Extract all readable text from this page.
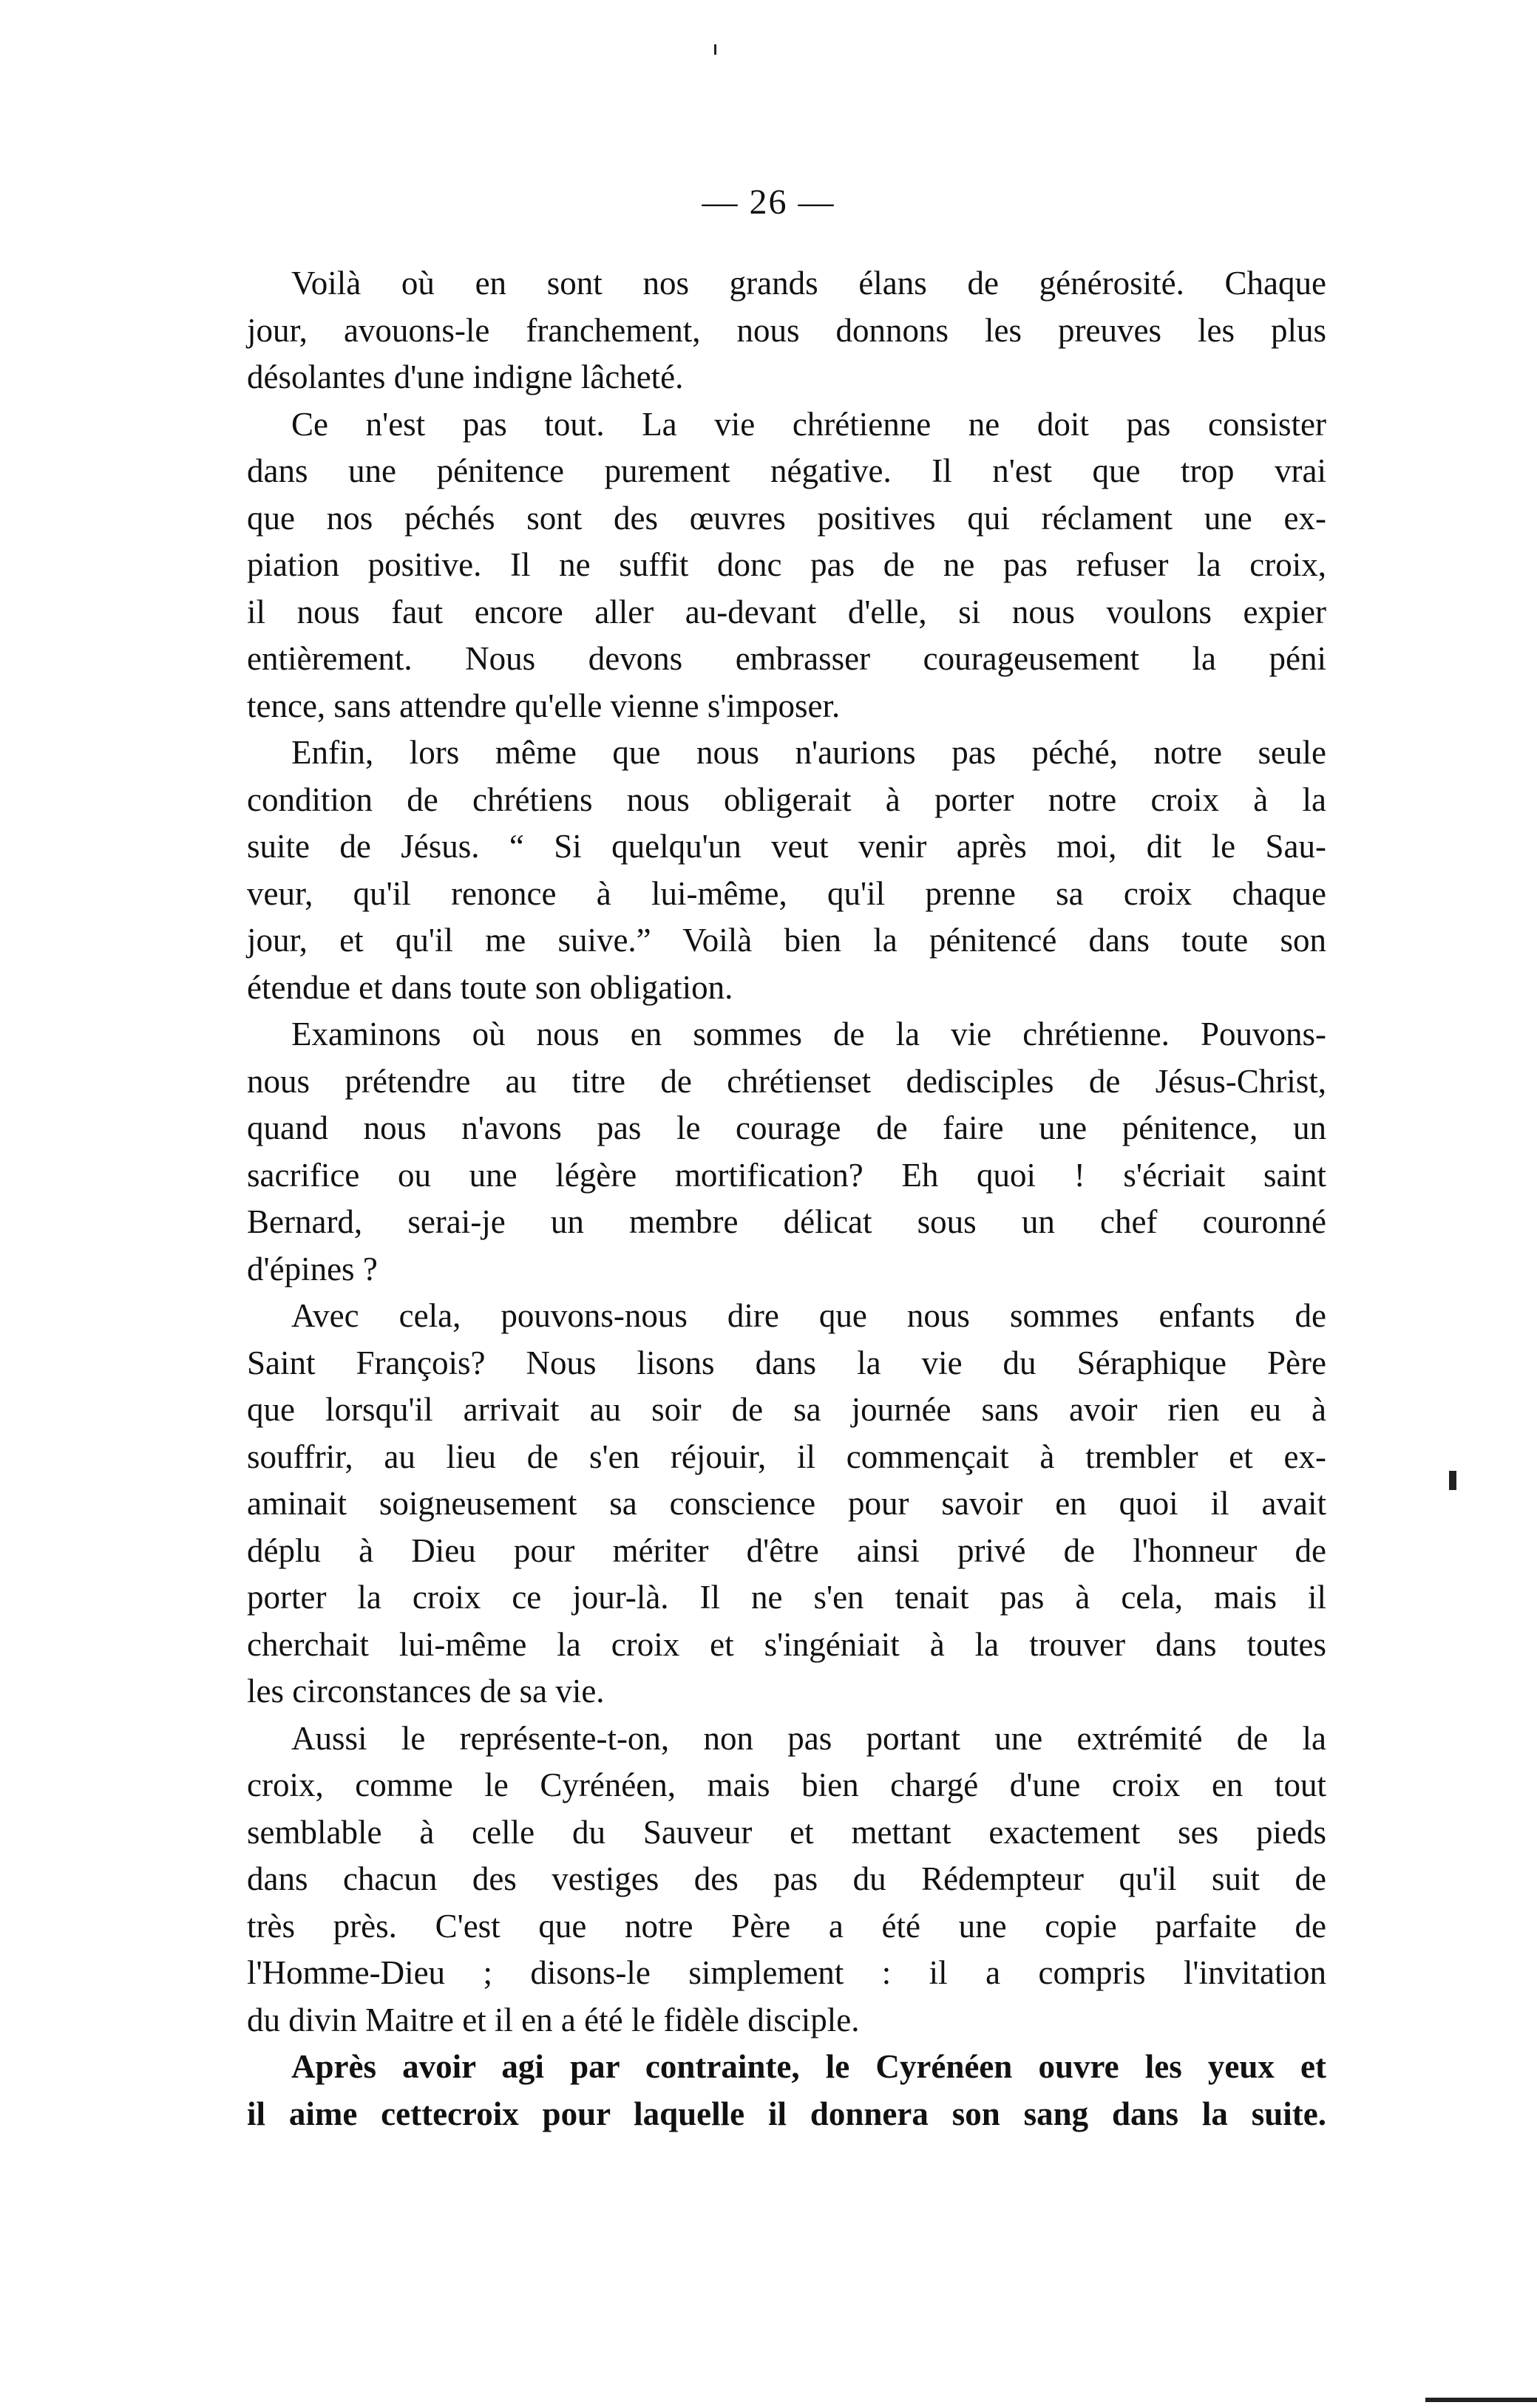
— 26 —

Voilà où en sont nos grands élans de générosité. Chaque
jour, avouons-le franchement, nous donnons les preuves les plus
désolantes d'une indigne lâcheté.

Ce n'est pas tout. La vie chrétienne ne doit pas consister
dans une pénitence purement négative. Il n'est que trop vrai
que nos péchés sont des œuvres positives qui réclament une ex-
piation positive. Il ne suffit donc pas de ne pas refuser la croix,
il nous faut encore aller au-devant d'elle, si nous voulons expier
entièrement. Nous devons embrasser courageusement la péni
tence, sans attendre qu'elle vienne s'imposer.

Enfin, lors même que nous n'aurions pas péché, notre seule
condition de chrétiens nous obligerait à porter notre croix à la
suite de Jésus. “ Si quelqu'un veut venir après moi, dit le Sau-
veur, qu'il renonce à lui-même, qu'il prenne sa croix chaque
jour, et qu'il me suive.” Voilà bien la pénitencé dans toute son
étendue et dans toute son obligation.

Examinons où nous en sommes de la vie chrétienne. Pouvons-
nous prétendre au titre de chrétienset dedisciples de Jésus-Christ,
quand nous n'avons pas le courage de faire une pénitence, un
sacrifice ou une légère mortification? Eh quoi ! s'écriait saint
Bernard, serai-je un membre délicat sous un chef couronné
d'épines ?

Avec cela, pouvons-nous dire que nous sommes enfants de
Saint François? Nous lisons dans la vie du Séraphique Père
que lorsqu'il arrivait au soir de sa journée sans avoir rien eu à
souffrir, au lieu de s'en réjouir, il commençait à trembler et ex-
aminait soigneusement sa conscience pour savoir en quoi il avait
déplu à Dieu pour mériter d'être ainsi privé de l'honneur de
porter la croix ce jour-là. Il ne s'en tenait pas à cela, mais il
cherchait lui-même la croix et s'ingéniait à la trouver dans toutes
les circonstances de sa vie.

Aussi le représente-t-on, non pas portant une extrémité de la
croix, comme le Cyrénéen, mais bien chargé d'une croix en tout
semblable à celle du Sauveur et mettant exactement ses pieds
dans chacun des vestiges des pas du Rédempteur qu'il suit de
très près. C'est que notre Père a été une copie parfaite de
l'Homme-Dieu ; disons-le simplement : il a compris l'invitation
du divin Maitre et il en a été le fidèle disciple.

Après avoir agi par contrainte, le Cyrénéen ouvre les yeux et
il aime cettecroix pour laquelle il donnera son sang dans la suite.
